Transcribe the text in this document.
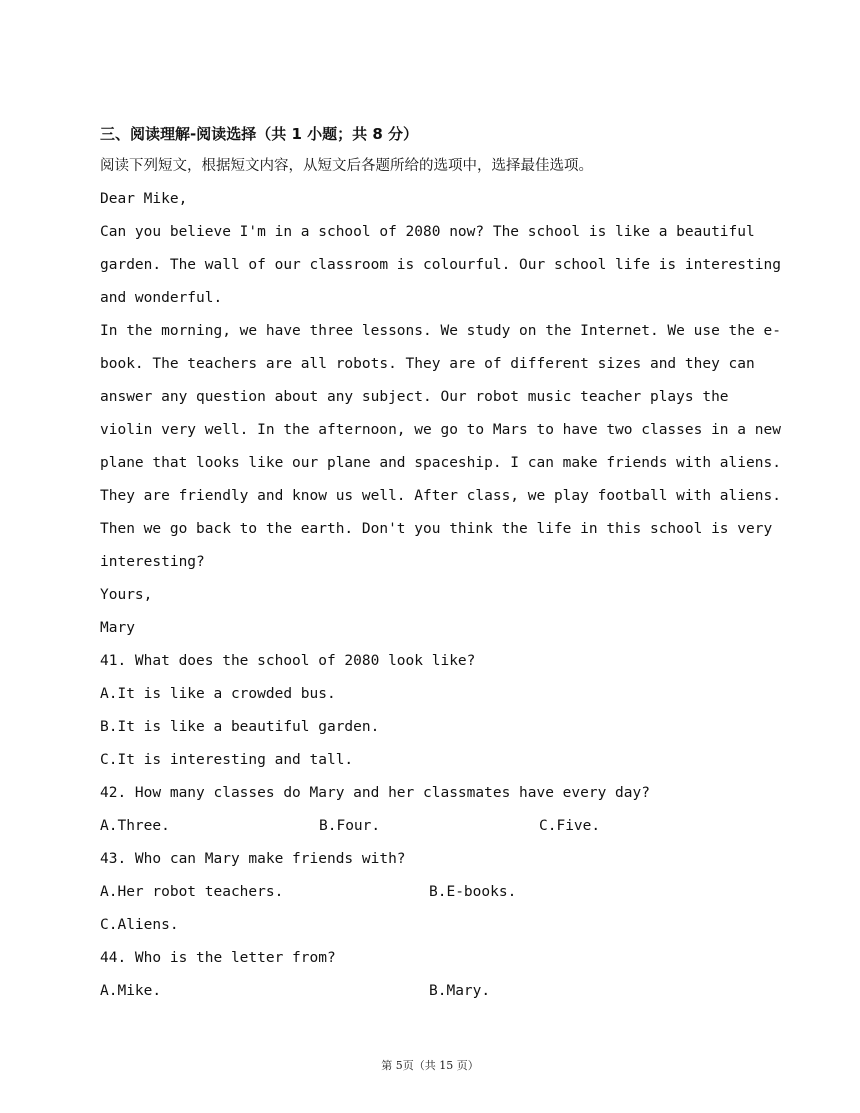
三、阅读理解-阅读选择（共 1 小题；共 8 分）
阅读下列短文，根据短文内容，从短文后各题所给的选项中，选择最佳选项。
Dear Mike,
Can you believe I'm in a school of 2080 now? The school is like a beautiful
garden. The wall of our classroom is colourful. Our school life is interesting
and wonderful.
In the morning, we have three lessons. We study on the Internet. We use the e-
book. The teachers are all robots. They are of different sizes and they can
answer any question about any subject. Our robot music teacher plays the
violin very well. In the afternoon, we go to Mars to have two classes in a new
plane that looks like our plane and spaceship. I can make friends with aliens.
They are friendly and know us well. After class, we play football with aliens.
Then we go back to the earth. Don't you think the life in this school is very
interesting?
Yours,
Mary
41. What does the school of 2080 look like?
A.It is like a crowded bus.
B.It is like a beautiful garden.
C.It is interesting and tall.
42. How many classes do Mary and her classmates have every day?
A.Three.	B.Four.	C.Five.
43. Who can Mary make friends with?
A.Her robot teachers.	B.E-books.
C.Aliens.
44. Who is the letter from?
A.Mike.	B.Mary.
第 5页（共 15 页）
